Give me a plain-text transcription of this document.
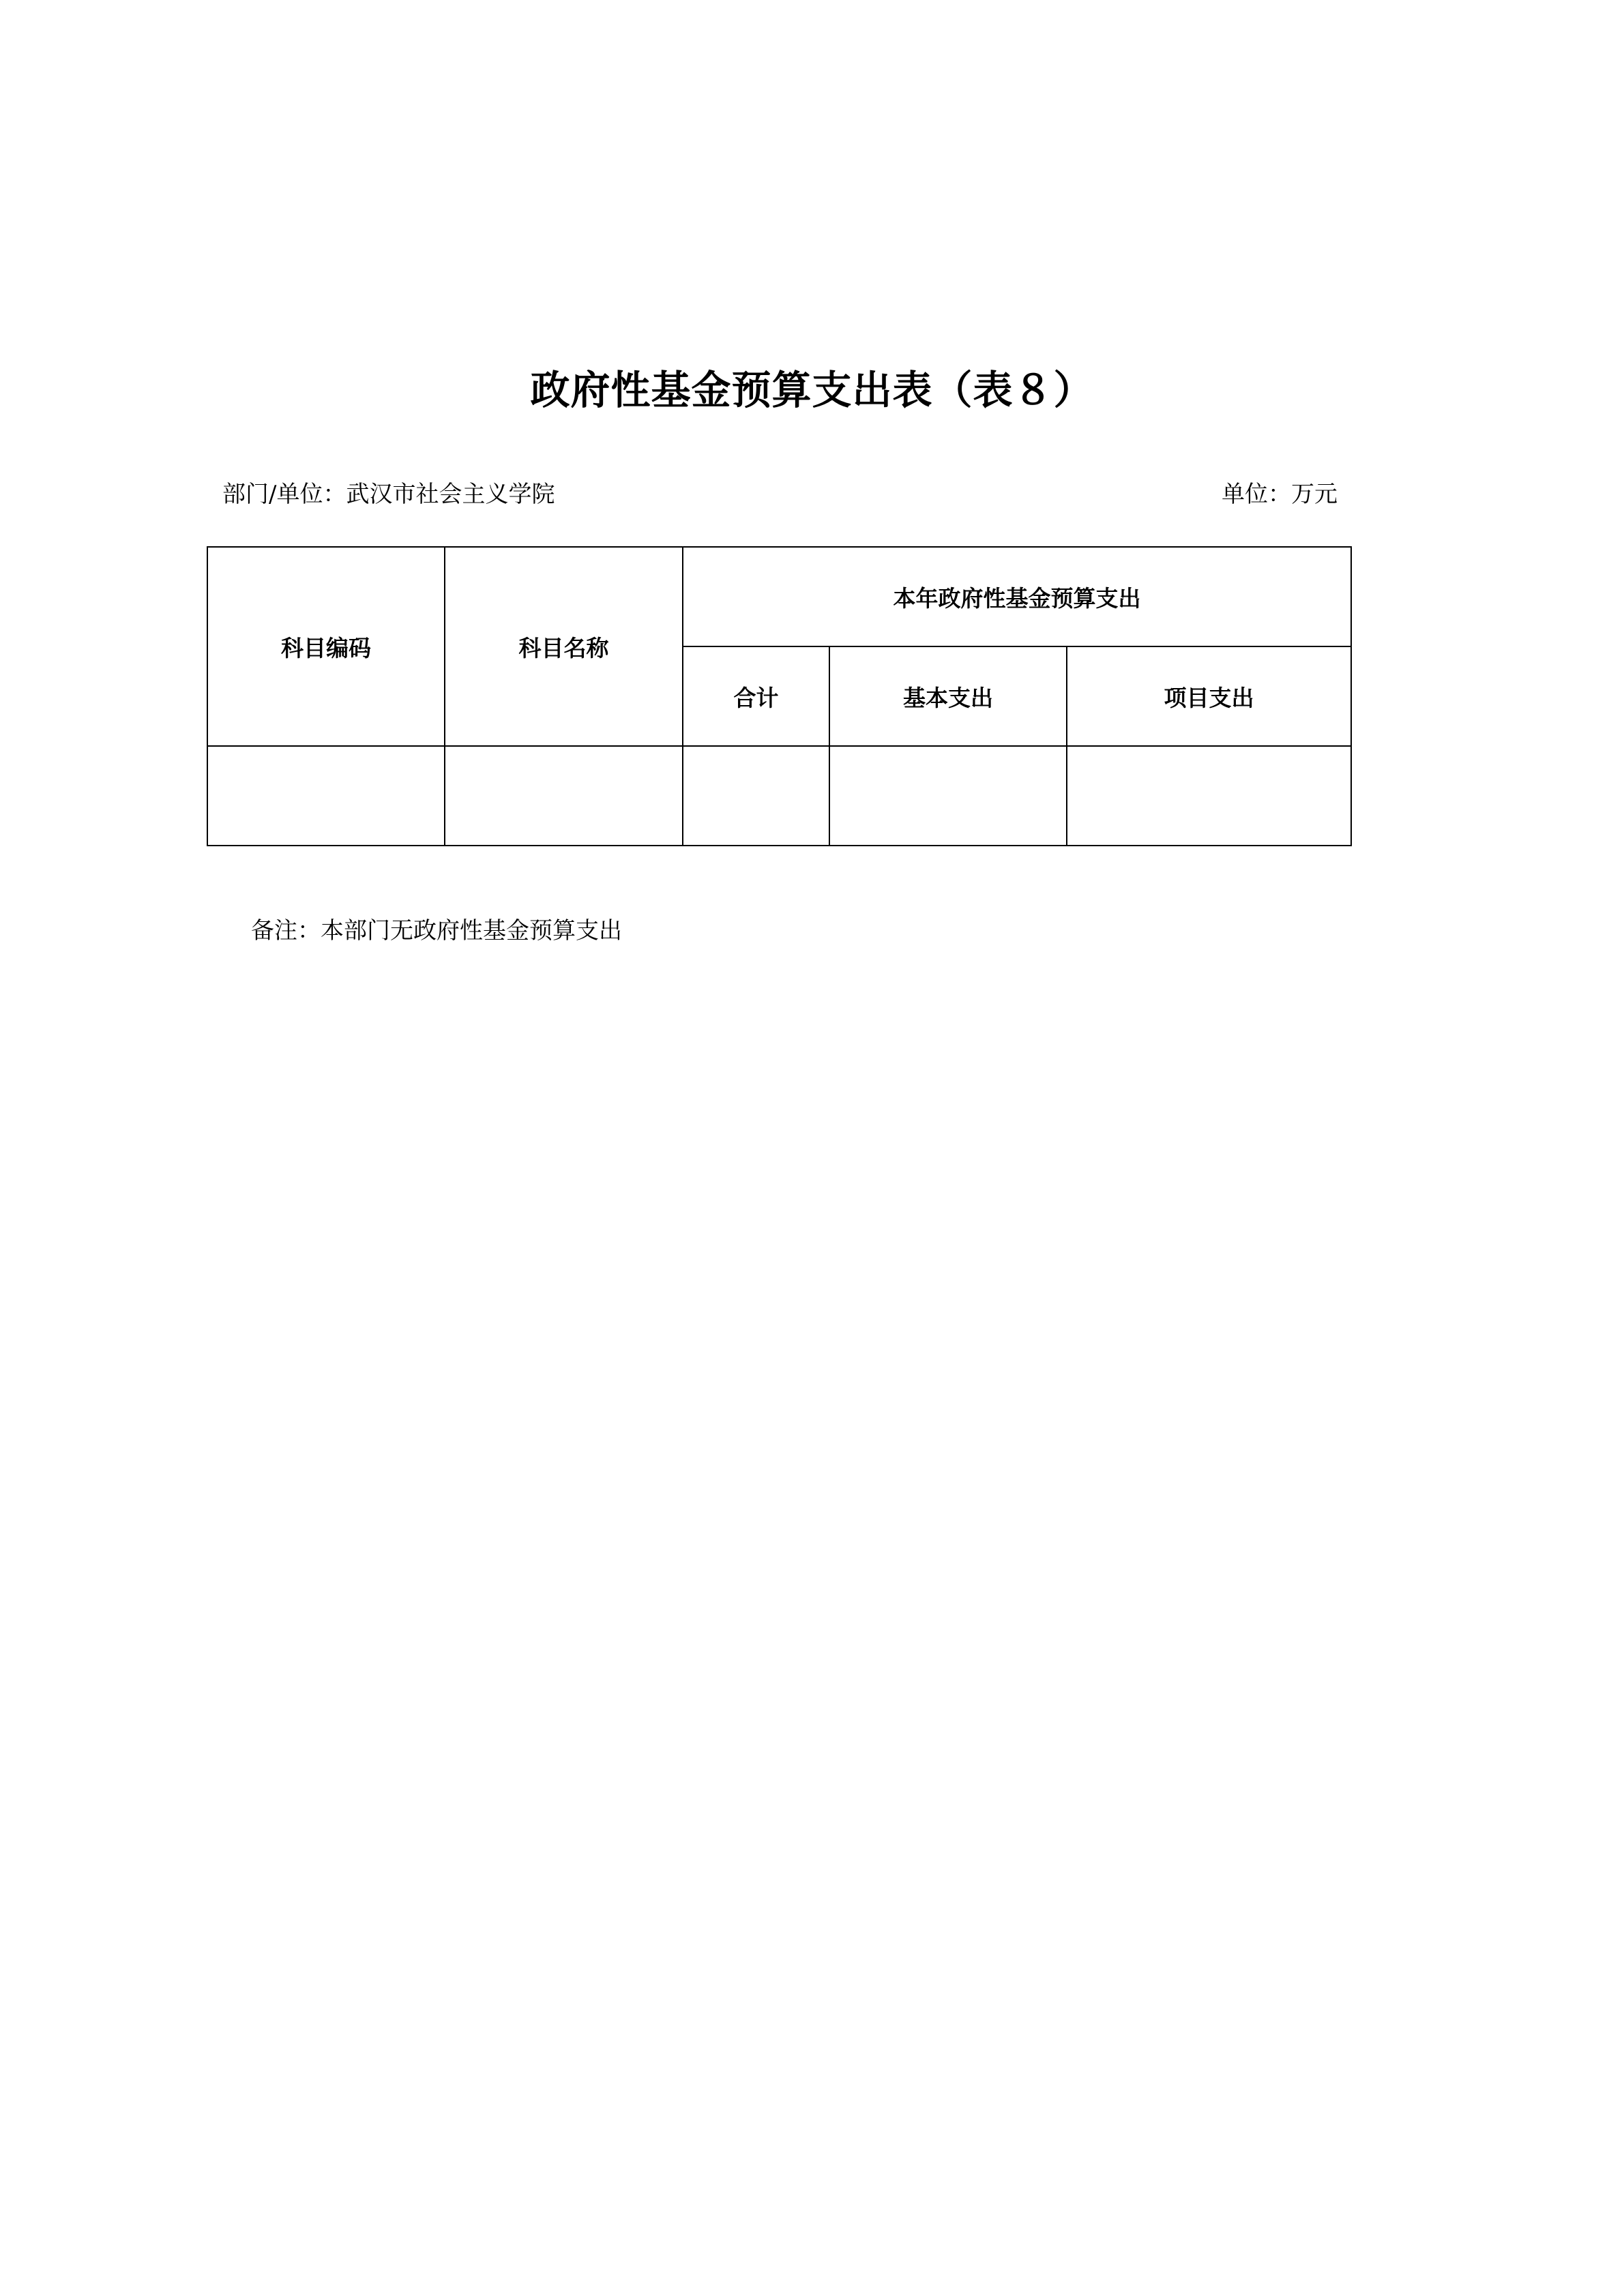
政府性基金预算支出表（表８）
部门/单位：武汉市社会主义学院	单位：万元
科目编码	科目名称	本年政府性基金预算支出		
		合计	基本支出	项目支出

备注：本部门无政府性基金预算支出
